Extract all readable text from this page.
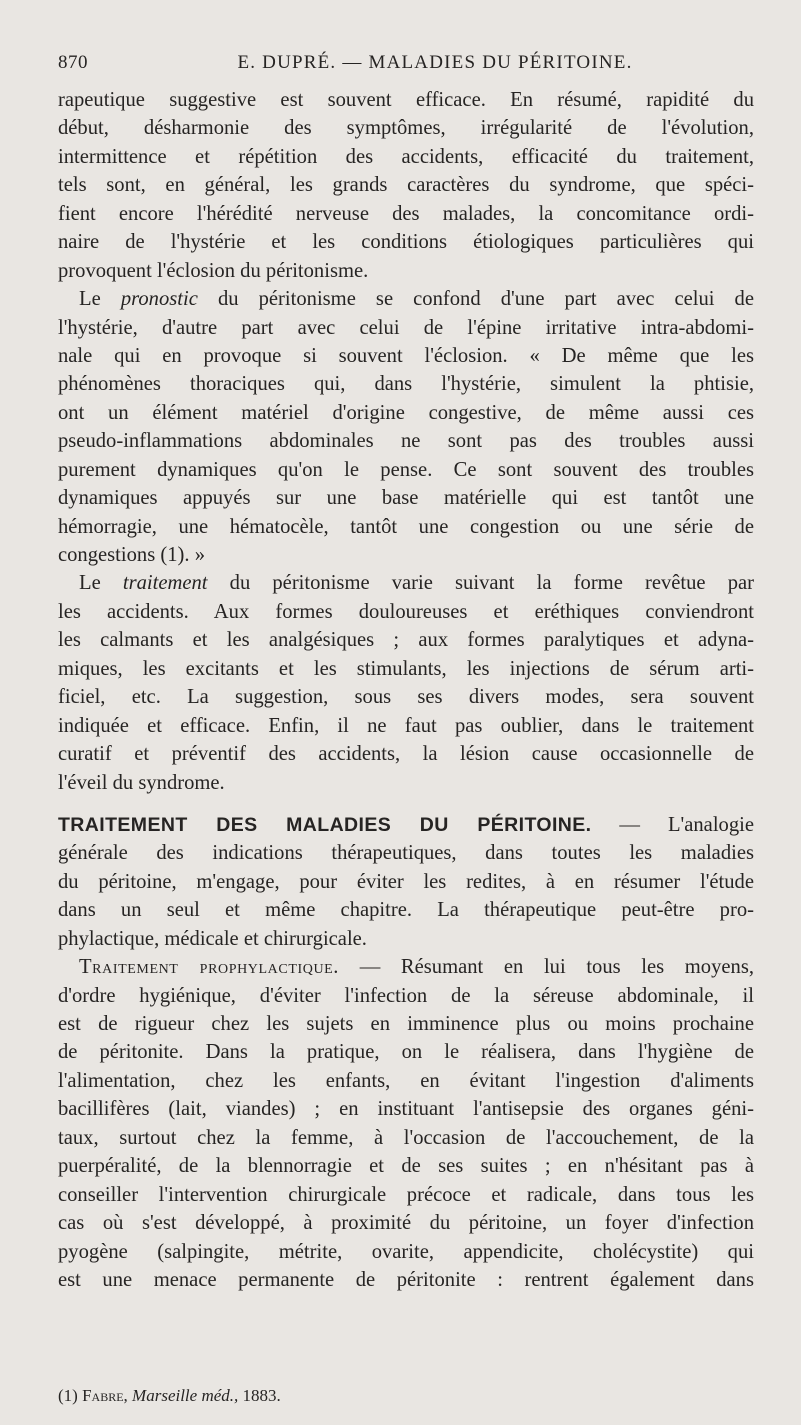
870	E. DUPRÉ. — MALADIES DU PÉRITOINE.
rapeutique suggestive est souvent efficace. En résumé, rapidité du
début, désharmonie des symptômes, irrégularité de l'évolution,
intermittence et répétition des accidents, efficacité du traitement,
tels sont, en général, les grands caractères du syndrome, que spéci-
fient encore l'hérédité nerveuse des malades, la concomitance ordi-
naire de l'hystérie et les conditions étiologiques particulières qui
provoquent l'éclosion du péritonisme.
Le pronostic du péritonisme se confond d'une part avec celui de
l'hystérie, d'autre part avec celui de l'épine irritative intra-abdomi-
nale qui en provoque si souvent l'éclosion. « De même que les
phénomènes thoraciques qui, dans l'hystérie, simulent la phtisie,
ont un élément matériel d'origine congestive, de même aussi ces
pseudo-inflammations abdominales ne sont pas des troubles aussi
purement dynamiques qu'on le pense. Ce sont souvent des troubles
dynamiques appuyés sur une base matérielle qui est tantôt une
hémorragie, une hématocèle, tantôt une congestion ou une série de
congestions (1). »
Le traitement du péritonisme varie suivant la forme revêtue par
les accidents. Aux formes douloureuses et eréthiques conviendront
les calmants et les analgésiques ; aux formes paralytiques et adyna-
miques, les excitants et les stimulants, les injections de sérum arti-
ficiel, etc. La suggestion, sous ses divers modes, sera souvent
indiquée et efficace. Enfin, il ne faut pas oublier, dans le traitement
curatif et préventif des accidents, la lésion cause occasionnelle de
l'éveil du syndrome.
TRAITEMENT DES MALADIES DU PÉRITOINE. — L'analogie
générale des indications thérapeutiques, dans toutes les maladies
du péritoine, m'engage, pour éviter les redites, à en résumer l'étude
dans un seul et même chapitre. La thérapeutique peut-être pro-
phylactique, médicale et chirurgicale.
Traitement prophylactique. — Résumant en lui tous les moyens,
d'ordre hygiénique, d'éviter l'infection de la séreuse abdominale, il
est de rigueur chez les sujets en imminence plus ou moins prochaine
de péritonite. Dans la pratique, on le réalisera, dans l'hygiène de
l'alimentation, chez les enfants, en évitant l'ingestion d'aliments
bacillifères (lait, viandes) ; en instituant l'antisepsie des organes géni-
taux, surtout chez la femme, à l'occasion de l'accouchement, de la
puerpéralité, de la blennorragie et de ses suites ; en n'hésitant pas à
conseiller l'intervention chirurgicale précoce et radicale, dans tous les
cas où s'est développé, à proximité du péritoine, un foyer d'infection
pyogène (salpingite, métrite, ovarite, appendicite, cholécystite) qui
est une menace permanente de péritonite : rentrent également dans
(1) Fabre, Marseille méd., 1883.
